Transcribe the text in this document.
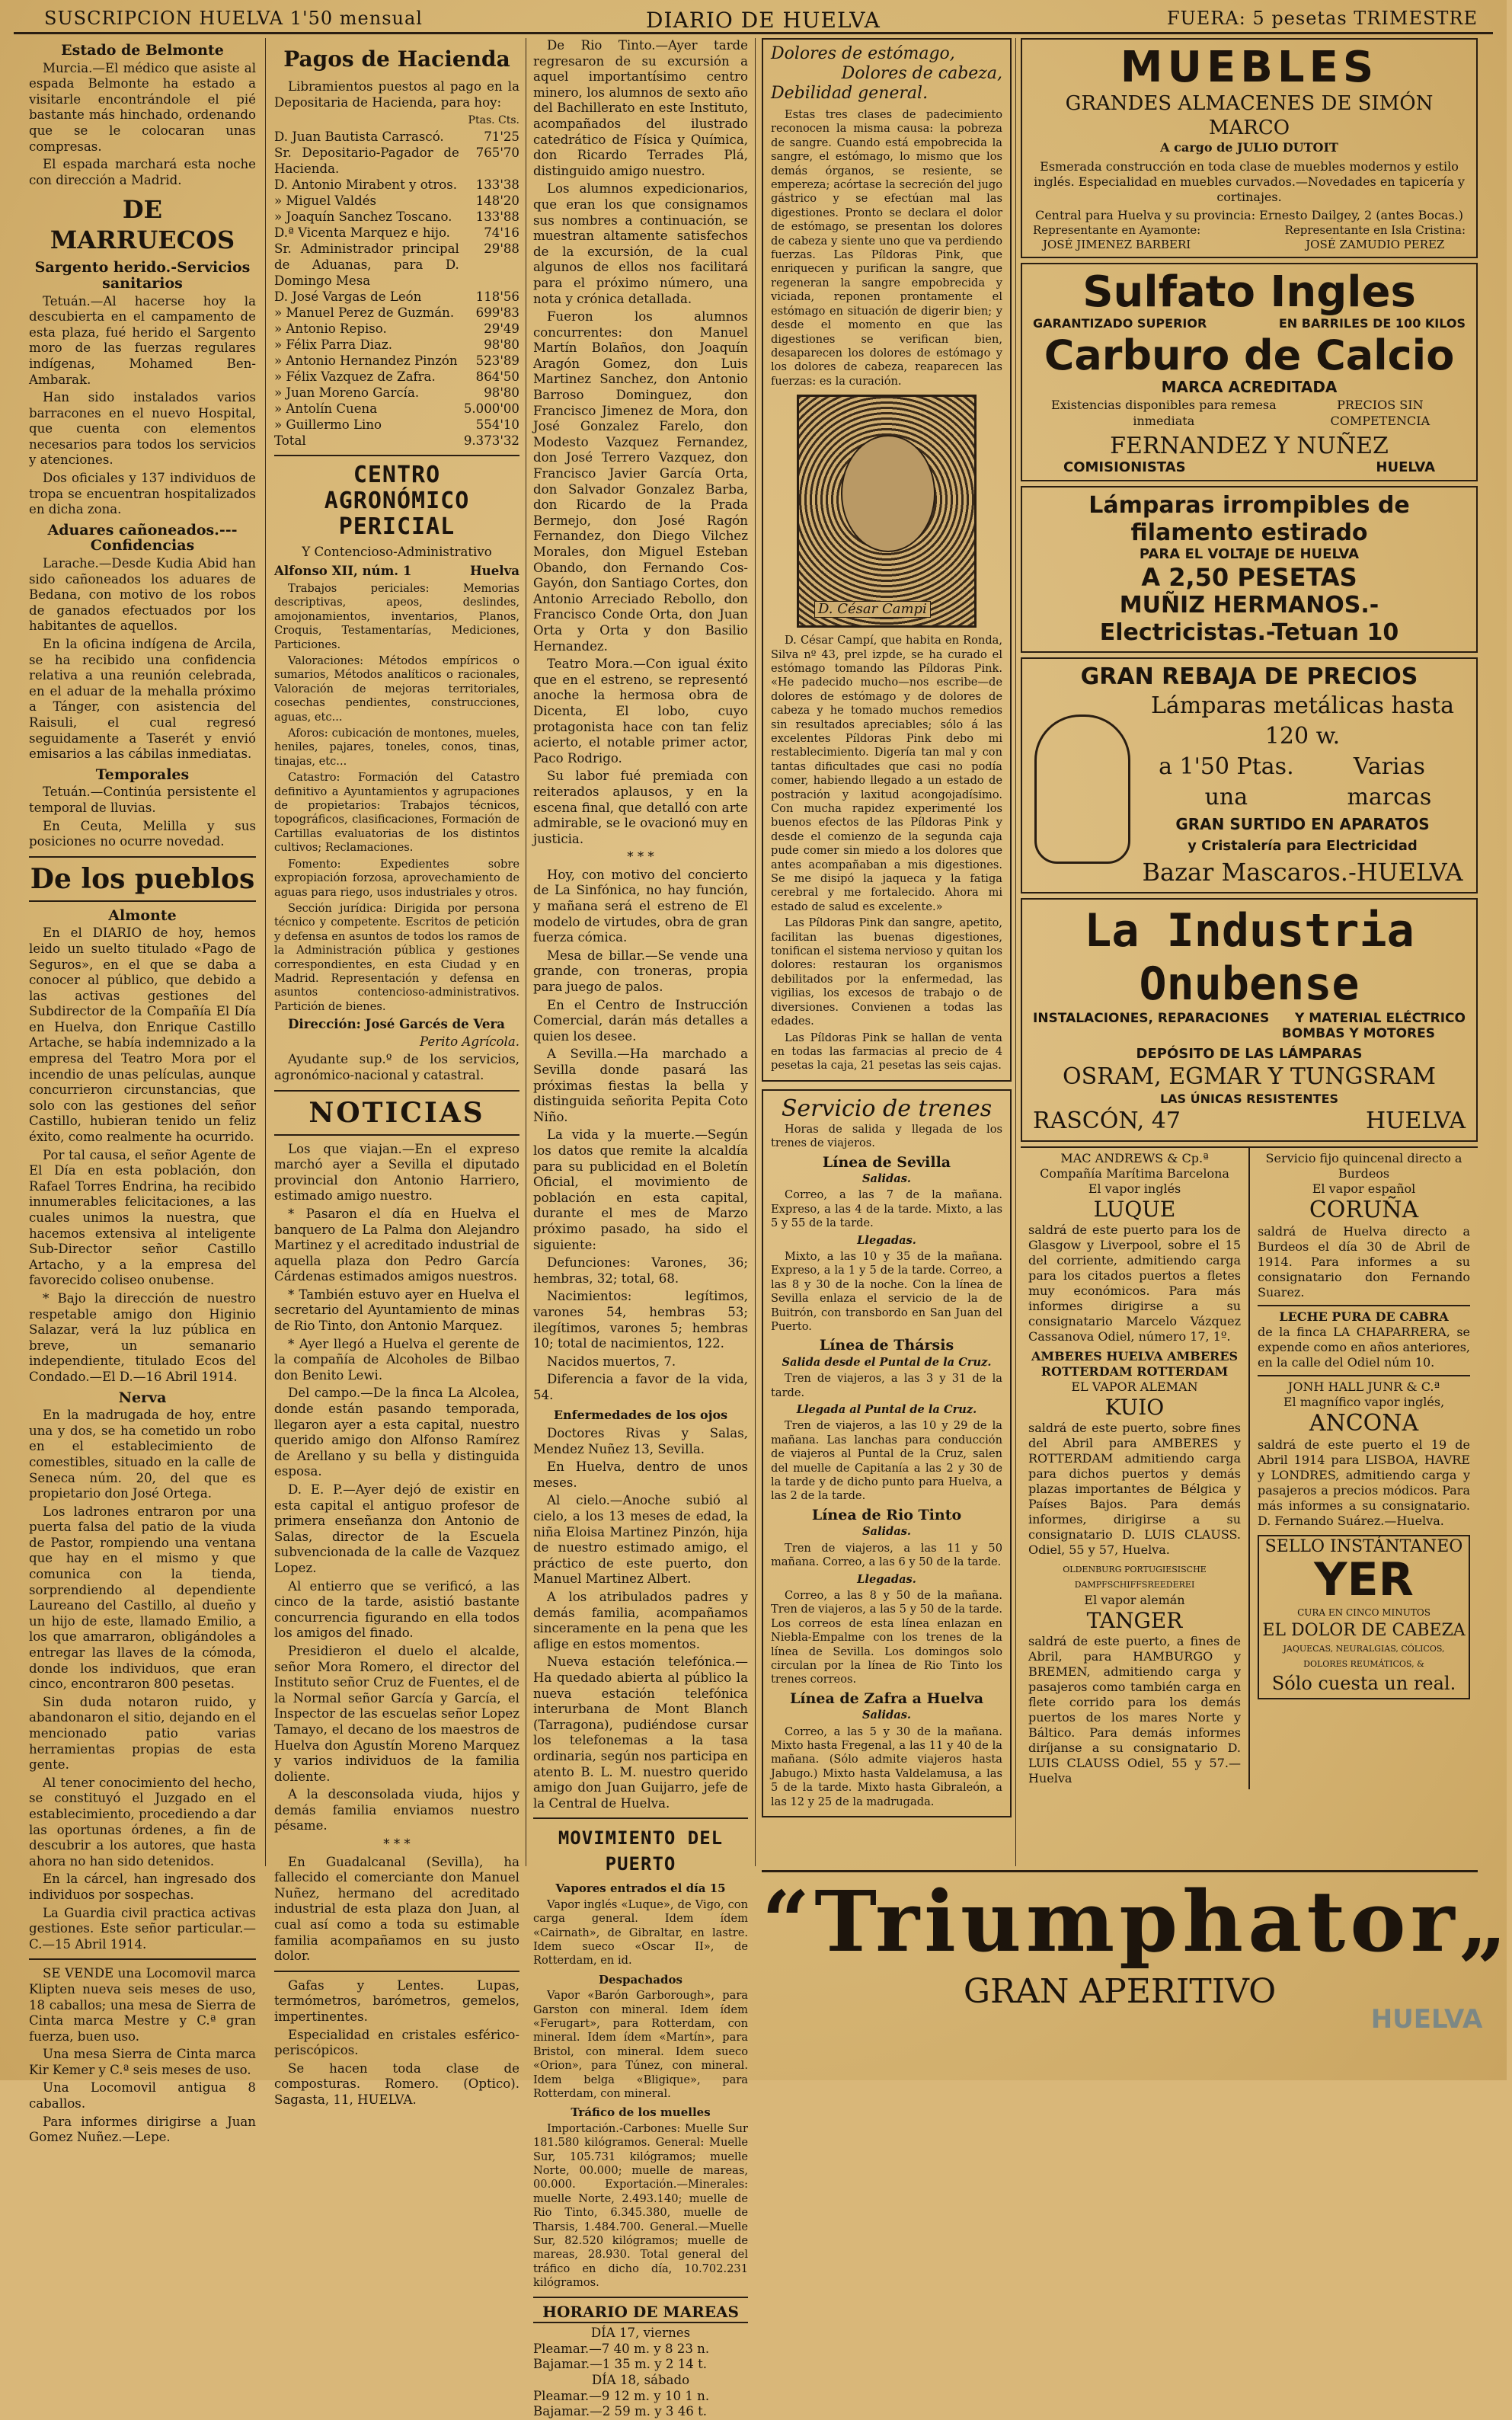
SUSCRIPCION HUELVA 1'50 mensual	DIARIO DE HUELVA	FUERA: 5 pesetas TRIMESTRE
Estado de Belmonte

Murcia.—El médico que asiste al espada Belmonte ha estado a visitarle encontrándole el pié bastante más hinchado, ordenando que se le colocaran unas compresas.

El espada marchará esta noche con dirección a Madrid.

DE MARRUECOS
Sargento herido.-Servicios sanitarios

Tetuán.—Al hacerse hoy la descubierta en el campamento de esta plaza, fué herido el Sargento moro de las fuerzas regulares indígenas, Mohamed Ben-Ambarak.

Han sido instalados varios barracones en el nuevo Hospital, que cuenta con elementos necesarios para todos los servicios y atenciones.

Dos oficiales y 137 individuos de tropa se encuentran hospitalizados en dicha zona.

Aduares cañoneados.---Confidencias

Larache.—Desde Kudia Abid han sido cañoneados los aduares de Bedana, con motivo de los robos de ganados efectuados por los habitantes de aquellos.

En la oficina indígena de Arcila, se ha recibido una confidencia relativa a una reunión celebrada, en el aduar de la mehalla próximo a Tánger, con asistencia del Raisuli, el cual regresó seguidamente a Taserét y envió emisarios a las cábilas inmediatas.

Temporales

Tetuán.—Continúa persistente el temporal de lluvias.

En Ceuta, Melilla y sus posiciones no ocurre novedad.

De los pueblos
Almonte

En el DIARIO de hoy, hemos leido un suelto titulado «Pago de Seguros», en el que se daba a conocer al público, que debido a las activas gestiones del Subdirector de la Compañía El Día en Huelva, don Enrique Castillo Artache, se había indemnizado a la empresa del Teatro Mora por el incendio de unas películas, aunque concurrieron circunstancias, que solo con las gestiones del señor Castillo, hubieran tenido un feliz éxito, como realmente ha ocurrido.

Por tal causa, el señor Agente de El Día en esta población, don Rafael Torres Endrina, ha recibido innumerables felicitaciones, a las cuales unimos la nuestra, que hacemos extensiva al inteligente Sub-Director señor Castillo Artacho, y a la empresa del favorecido coliseo onubense.

* Bajo la dirección de nuestro respetable amigo don Higinio Salazar, verá la luz pública en breve, un semanario independiente, titulado Ecos del Condado.—El D.—16 Abril 1914.

Nerva

En la madrugada de hoy, entre una y dos, se ha cometido un robo en el establecimiento de comestibles, situado en la calle de Seneca núm. 20, del que es propietario don José Ortega.

Los ladrones entraron por una puerta falsa del patio de la viuda de Pastor, rompiendo una ventana que hay en el mismo y que comunica con la tienda, sorprendiendo al dependiente Laureano del Castillo, al dueño y un hijo de este, llamado Emilio, a los que amarraron, obligándoles a entregar las llaves de la cómoda, donde los individuos, que eran cinco, encontraron 800 pesetas.

Sin duda notaron ruido, y abandonaron el sitio, dejando en el mencionado patio varias herramientas propias de esta gente.

Al tener conocimiento del hecho, se constituyó el Juzgado en el establecimiento, procediendo a dar las oportunas órdenes, a fin de descubrir a los autores, que hasta ahora no han sido detenidos.

En la cárcel, han ingresado dos individuos por sospechas.

La Guardia civil practica activas gestiones. Este señor particular.—C.—15 Abril 1914.

SE VENDE una Locomovil marca Klipten nueva seis meses de uso, 18 caballos; una mesa de Sierra de Cinta marca Mestre y C.ª gran fuerza, buen uso.

Una mesa Sierra de Cinta marca Kir Kemer y C.ª seis meses de uso.

Una Locomovil antigua 8 caballos.

Para informes dirigirse a Juan Gomez Nuñez.—Lepe.

Pagos de Hacienda

Libramientos puestos al pago en la Depositaria de Hacienda, para hoy:

Ptas. Cts.
D. Juan Bautista Carrascó.	71'25
Sr. Depositario-Pagador de Hacienda.	765'70
D. Antonio Mirabent y otros.	133'38
» Miguel Valdés	148'20
» Joaquín Sanchez Toscano.	133'88
D.ª Vicenta Marquez e hijo.	74'16
Sr. Administrador principal de Aduanas, para D. Domingo Mesa	29'88
D. José Vargas de León	118'56
» Manuel Perez de Guzmán.	699'83
» Antonio Repiso.	29'49
» Félix Parra Diaz.	98'80
» Antonio Hernandez Pinzón	523'89
» Félix Vazquez de Zafra.	864'50
» Juan Moreno García.	98'80
» Antolín Cuena	5.000'00
» Guillermo Lino	554'10
Total	9.373'32
CENTRO AGRONÓMICO PERICIAL
Y Contencioso-Administrativo
Alfonso XII, núm. 1	Huelva

Trabajos periciales: Memorias descriptivas, apeos, deslindes, amojonamientos, inventarios, Planos, Croquis, Testamentarías, Mediciones, Particiones.

Valoraciones: Métodos empíricos o sumarios, Métodos analíticos o racionales, Valoración de mejoras territoriales, cosechas pendientes, construcciones, aguas, etc...

Aforos: cubicación de montones, mueles, heniles, pajares, toneles, conos, tinas, tinajas, etc...

Catastro: Formación del Catastro definitivo a Ayuntamientos y agrupaciones de propietarios: Trabajos técnicos, topográficos, clasificaciones, Formación de Cartillas evaluatorias de los distintos cultivos; Reclamaciones.

Fomento: Expedientes sobre expropiación forzosa, aprovechamiento de aguas para riego, usos industriales y otros.

Sección jurídica: Dirigida por persona técnico y competente. Escritos de petición y defensa en asuntos de todos los ramos de la Administración pública y gestiones correspondientes, en esta Ciudad y en Madrid. Representación y defensa en asuntos contencioso-administrativos. Partición de bienes.

Dirección: José Garcés de Vera

Perito Agrícola.

Ayudante sup.º de los servicios, agronómico-nacional y catastral.

NOTICIAS

Los que viajan.—En el expreso marchó ayer a Sevilla el diputado provincial don Antonio Harriero, estimado amigo nuestro.

* Pasaron el día en Huelva el banquero de La Palma don Alejandro Martinez y el acreditado industrial de aquella plaza don Pedro García Cárdenas estimados amigos nuestros.

* También estuvo ayer en Huelva el secretario del Ayuntamiento de minas de Rio Tinto, don Antonio Marquez.

* Ayer llegó a Huelva el gerente de la compañía de Alcoholes de Bilbao don Benito Lewi.

Del campo.—De la finca La Alcolea, donde están pasando temporada, llegaron ayer a esta capital, nuestro querido amigo don Alfonso Ramírez de Arellano y su bella y distinguida esposa.

D. E. P.—Ayer dejó de existir en esta capital el antiguo profesor de primera enseñanza don Antonio de Salas, director de la Escuela subvencionada de la calle de Vazquez Lopez.

Al entierro que se verificó, a las cinco de la tarde, asistió bastante concurrencia figurando en ella todos los amigos del finado.

Presidieron el duelo el alcalde, señor Mora Romero, el director del Instituto señor Cruz de Fuentes, el de la Normal señor García y García, el Inspector de las escuelas señor Lopez Tamayo, el decano de los maestros de Huelva don Agustín Moreno Marquez y varios individuos de la familia doliente.

A la desconsolada viuda, hijos y demás familia enviamos nuestro pésame.

* * *

En Guadalcanal (Sevilla), ha fallecido el comerciante don Manuel Nuñez, hermano del acreditado industrial de esta plaza don Juan, al cual así como a toda su estimable familia acompañamos en su justo dolor.

Gafas y Lentes. Lupas, termómetros, barómetros, gemelos, impertinentes.

Especialidad en cristales esférico-periscópicos.

Se hacen toda clase de composturas. Romero. (Optico). Sagasta, 11, HUELVA.

De Rio Tinto.—Ayer tarde regresaron de su excursión a aquel importantísimo centro minero, los alumnos de sexto año del Bachillerato en este Instituto, acompañados del ilustrado catedrático de Física y Química, don Ricardo Terrades Plá, distinguido amigo nuestro.

Los alumnos expedicionarios, que eran los que consignamos sus nombres a continuación, se muestran altamente satisfechos de la excursión, de la cual algunos de ellos nos facilitará para el próximo número, una nota y crónica detallada.

Fueron los alumnos concurrentes: don Manuel Martín Bolaños, don Joaquín Aragón Gomez, don Luis Martinez Sanchez, don Antonio Barroso Dominguez, don Francisco Jimenez de Mora, don José Gonzalez Farelo, don Modesto Vazquez Fernandez, don José Terrero Vazquez, don Francisco Javier García Orta, don Salvador Gonzalez Barba, don Ricardo de la Prada Bermejo, don José Ragón Fernandez, don Diego Vilchez Morales, don Miguel Esteban Obando, don Fernando Cos-Gayón, don Santiago Cortes, don Antonio Arreciado Rebollo, don Francisco Conde Orta, don Juan Orta y Orta y don Basilio Hernandez.

Teatro Mora.—Con igual éxito que en el estreno, se representó anoche la hermosa obra de Dicenta, El lobo, cuyo protagonista hace con tan feliz acierto, el notable primer actor, Paco Rodrigo.

Su labor fué premiada con reiterados aplausos, y en la escena final, que detalló con arte admirable, se le ovacionó muy en justicia.

* * *

Hoy, con motivo del concierto de La Sinfónica, no hay función, y mañana será el estreno de El modelo de virtudes, obra de gran fuerza cómica.

Mesa de billar.—Se vende una grande, con troneras, propia para juego de palos.

En el Centro de Instrucción Comercial, darán más detalles a quien los desee.

A Sevilla.—Ha marchado a Sevilla donde pasará las próximas fiestas la bella y distinguida señorita Pepita Coto Niño.

La vida y la muerte.—Según los datos que remite la alcaldía para su publicidad en el Boletín Oficial, el movimiento de población en esta capital, durante el mes de Marzo próximo pasado, ha sido el siguiente:

Defunciones: Varones, 36; hembras, 32; total, 68.

Nacimientos: legítimos, varones 54, hembras 53; ilegítimos, varones 5; hembras 10; total de nacimientos, 122.

Nacidos muertos, 7.

Diferencia a favor de la vida, 54.

Enfermedades de los ojos

Doctores Rivas y Salas, Mendez Nuñez 13, Sevilla.

En Huelva, dentro de unos meses.

Al cielo.—Anoche subió al cielo, a los 13 meses de edad, la niña Eloisa Martinez Pinzón, hija de nuestro estimado amigo, el práctico de este puerto, don Manuel Martinez Albert.

A los atribulados padres y demás familia, acompañamos sinceramente en la pena que les aflige en estos momentos.

Nueva estación telefónica.—Ha quedado abierta al público la nueva estación telefónica interurbana de Mont Blanch (Tarragona), pudiéndose cursar los telefonemas a la tasa ordinaria, según nos participa en atento B. L. M. nuestro querido amigo don Juan Guijarro, jefe de la Central de Huelva.

MOVIMIENTO DEL PUERTO
Vapores entrados el día 15

Vapor inglés «Luque», de Vigo, con carga general. Idem ídem «Cairnath», de Gibraltar, en lastre. Idem sueco «Oscar II», de Rotterdam, en id.

Despachados

Vapor «Barón Garborough», para Garston con mineral. Idem ídem «Ferugart», para Rotterdam, con mineral. Idem ídem «Martín», para Bristol, con mineral. Idem sueco «Orion», para Túnez, con mineral. Idem belga «Bligique», para Rotterdam, con mineral.

Tráfico de los muelles

Importación.-Carbones: Muelle Sur 181.580 kilógramos. General: Muelle Sur, 105.731 kilógramos; muelle Norte, 00.000; muelle de mareas, 00.000. Exportación.—Minerales: muelle Norte, 2.493.140; muelle de Rio Tinto, 6.345.380, muelle de Tharsis, 1.484.700. General.—Muelle Sur, 82.520 kilógramos; muelle de mareas, 28.930. Total general del tráfico en dicho día, 10.702.231 kilógramos.

HORARIO DE MAREAS
DÍA 17, viernes
Pleamar.—7 40 m. y 8 23 n.
Bajamar.—1 35 m. y 2 14 t.
DÍA 18, sábado
Pleamar.—9 12 m. y 10 1 n.
Bajamar.—2 59 m. y 3 46 t.
Dolores de estómago,
Dolores de cabeza,
Debilidad general.

Estas tres clases de padecimiento reconocen la misma causa: la pobreza de sangre. Cuando está empobrecida la sangre, el estómago, lo mismo que los demás órganos, se resiente, se empereza; acórtase la secreción del jugo gástrico y se efectúan mal las digestiones. Pronto se declara el dolor de estómago, se presentan los dolores de cabeza y siente uno que va perdiendo fuerzas. Las Píldoras Pink, que enriquecen y purifican la sangre, que regeneran la sangre empobrecida y viciada, reponen prontamente el estómago en situación de digerir bien; y desde el momento en que las digestiones se verifican bien, desaparecen los dolores de estómago y los dolores de cabeza, reaparecen las fuerzas: es la curación.

D. César Campi

D. César Campí, que habita en Ronda, Silva nº 43, prel izpde, se ha curado el estómago tomando las Píldoras Pink. «He padecido mucho—nos escribe—de dolores de estómago y de dolores de cabeza y he tomado muchos remedios sin resultados apreciables; sólo á las excelentes Píldoras Pink debo mi restablecimiento. Digería tan mal y con tantas dificultades que casi no podía comer, habiendo llegado a un estado de postración y laxitud acongojadísimo. Con mucha rapidez experimenté los buenos efectos de las Píldoras Pink y desde el comienzo de la segunda caja pude comer sin miedo a los dolores que antes acompañaban a mis digestiones. Se me disipó la jaqueca y la fatiga cerebral y me fortalecido. Ahora mi estado de salud es excelente.»

Las Píldoras Pink dan sangre, apetito, facilitan las buenas digestiones, tonifican el sistema nervioso y quitan los dolores: restauran los organismos debilitados por la enfermedad, las vigilias, los excesos de trabajo o de diversiones. Convienen a todas las edades.

Las Píldoras Pink se hallan de venta en todas las farmacias al precio de 4 pesetas la caja, 21 pesetas las seis cajas.

Servicio de trenes

Horas de salida y llegada de los trenes de viajeros.

Línea de Sevilla
Salidas.

Correo, a las 7 de la mañana. Expreso, a las 4 de la tarde. Mixto, a las 5 y 55 de la tarde.

Llegadas.

Mixto, a las 10 y 35 de la mañana. Expreso, a la 1 y 5 de la tarde. Correo, a las 8 y 30 de la noche. Con la línea de Sevilla enlaza el servicio de la de Buitrón, con transbordo en San Juan del Puerto.

Línea de Thársis
Salida desde el Puntal de la Cruz.

Tren de viajeros, a las 3 y 31 de la tarde.

Llegada al Puntal de la Cruz.

Tren de viajeros, a las 10 y 29 de la mañana. Las lanchas para conducción de viajeros al Puntal de la Cruz, salen del muelle de Capitanía a las 2 y 30 de la tarde y de dicho punto para Huelva, a las 2 de la tarde.

Línea de Rio Tinto
Salidas.

Tren de viajeros, a las 11 y 50 mañana. Correo, a las 6 y 50 de la tarde.

Llegadas.

Correo, a las 8 y 50 de la mañana. Tren de viajeros, a las 5 y 50 de la tarde. Los correos de esta línea enlazan en Niebla-Empalme con los trenes de la línea de Sevilla. Los domingos solo circulan por la línea de Rio Tinto los trenes correos.

Línea de Zafra a Huelva
Salidas.

Correo, a las 5 y 30 de la mañana. Mixto hasta Fregenal, a las 11 y 40 de la mañana. (Sólo admite viajeros hasta Jabugo.) Mixto hasta Valdelamusa, a las 5 de la tarde. Mixto hasta Gibraleón, a las 12 y 25 de la madrugada.

MUEBLES
GRANDES ALMACENES DE SIMÓN MARCO
A cargo de JULIO DUTOIT
Esmerada construcción en toda clase de muebles modernos y estilo inglés. Especialidad en muebles curvados.—Novedades en tapicería y cortinajes.
Central para Huelva y su provincia: Ernesto Dailgey, 2 (antes Bocas.)
Representante en Ayamonte:
JOSÉ JIMENEZ BARBERI
Representante en Isla Cristina:
JOSÉ ZAMUDIO PEREZ
Sulfato Ingles
GARANTIZADO SUPERIOR	EN BARRILES DE 100 KILOS
Carburo de Calcio
MARCA ACREDITADA
Existencias disponibles para remesa inmediata
PRECIOS SIN COMPETENCIA
FERNANDEZ Y NUÑEZ
COMISIONISTAS	HUELVA
Lámparas irrompibles de filamento estirado
PARA EL VOLTAJE DE HUELVA
A 2,50 PESETAS
MUÑIZ HERMANOS.-Electricistas.-Tetuan 10
GRAN REBAJA DE PRECIOS
Lámparas metálicas hasta 120 w.
a 1'50 Ptas. una
Varias marcas
GRAN SURTIDO EN APARATOS
y Cristalería para Electricidad
Bazar Mascaros.-HUELVA
La Industria Onubense
INSTALACIONES, REPARACIONES Y MATERIAL ELÉCTRICO
BOMBAS Y MOTORES
DEPÓSITO DE LAS LÁMPARAS
OSRAM, EGMAR Y TUNGSRAM
LAS ÚNICAS RESISTENTES
RASCÓN, 47	HUELVA
MAC ANDREWS & Cp.ª
Compañía Marítima Barcelona
El vapor inglés
LUQUE
saldrá de este puerto para los de Glasgow y Liverpool, sobre el 15 del corriente, admitiendo carga para los citados puertos a fletes muy económicos. Para más informes dirigirse a su consignatario Marcelo Vázquez Cassanova Odiel, número 17, 1º.
AMBERES HUELVA AMBERES ROTTERDAM ROTTERDAM
EL VAPOR ALEMAN
KUIO
saldrá de este puerto, sobre fines del Abril para AMBERES y ROTTERDAM admitiendo carga para dichos puertos y demás plazas importantes de Bélgica y Países Bajos. Para demás informes, dirigirse a su consignatario D. LUIS CLAUSS. Odiel, 55 y 57, Huelva.
OLDENBURG PORTUGIESISCHE DAMPFSCHIFFSREEDEREI
El vapor alemán
TANGER
saldrá de este puerto, a fines de Abril, para HAMBURGO y BREMEN, admitiendo carga y pasajeros como también carga en flete corrido para los demás puertos de los mares Norte y Báltico. Para demás informes diríjanse a su consignatario D. LUIS CLAUSS Odiel, 55 y 57.—Huelva
Servicio fijo quincenal directo a Burdeos
El vapor español
CORUÑA
saldrá de Huelva directo a Burdeos el día 30 de Abril de 1914. Para informes a su consignatario don Fernando Suarez.
LECHE PURA DE CABRA
de la finca LA CHAPARRERA, se expende como en años anteriores, en la calle del Odiel núm 10.
JONH HALL JUNR & C.ª
El magnífico vapor inglés,
ANCONA
saldrá de este puerto el 19 de Abril 1914 para LISBOA, HAVRE y LONDRES, admitiendo carga y pasajeros a precios módicos. Para más informes a su consignatario. D. Fernando Suárez.—Huelva.
SELLO INSTÁNTANEO
YER
CURA EN CINCO MINUTOS
EL DOLOR DE CABEZA
JAQUECAS, NEURALGIAS, CÓLICOS, DOLORES REUMÁTICOS, &
Sólo cuesta un real.
“Triumphator„
GRAN APERITIVO
HUELVA
